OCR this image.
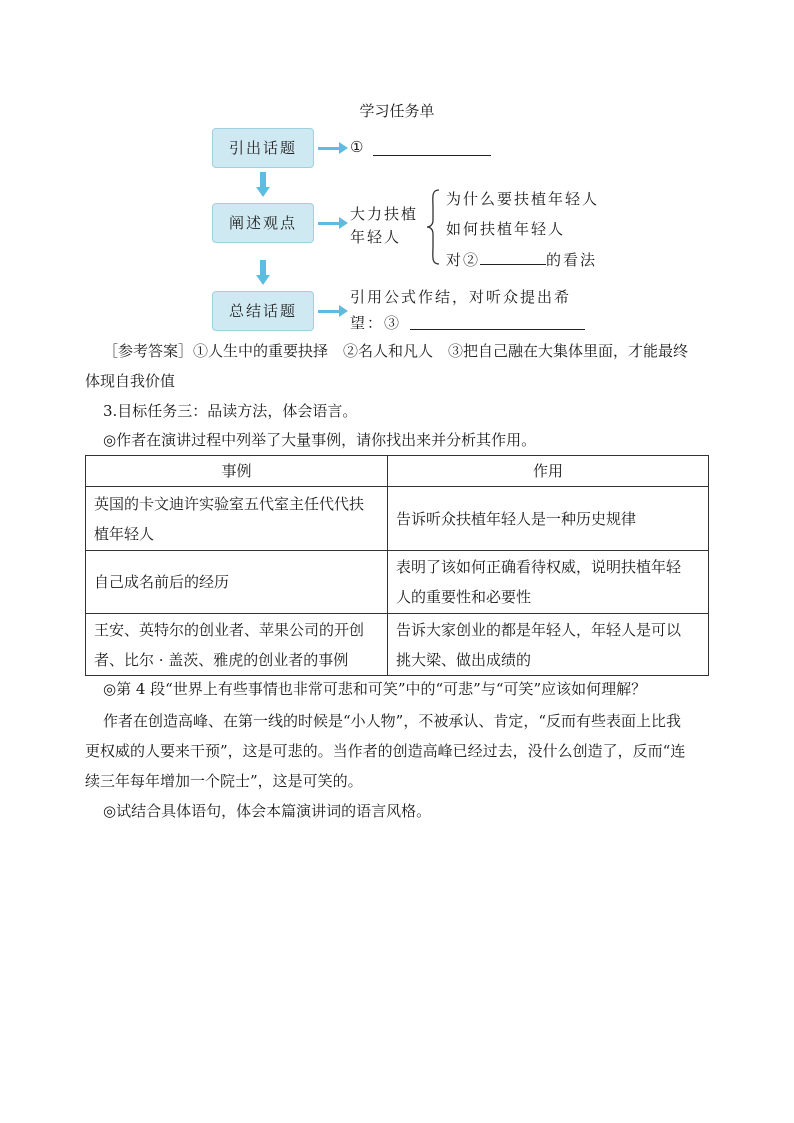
学习任务单
引出话题	①
阐述观点	大力扶植
年轻人
为什么要扶植年轻人
如何扶植年轻人
对②	的看法
总结话题
引用公式作结，对听众提出希
望：③
［参考答案］①人生中的重要抉择　②名人和凡人　③把自己融在大集体里面，才能最终
体现自我价值
3.目标任务三：品读方法，体会语言。
◎作者在演讲过程中列举了大量事例，请你找出来并分析其作用。
事例	作用
英国的卡文迪许实验室五代室主任代代扶
植年轻人	告诉听众扶植年轻人是一种历史规律
自己成名前后的经历	表明了该如何正确看待权威，说明扶植年轻
人的重要性和必要性
王安、英特尔的创业者、苹果公司的开创
者、比尔 · 盖茨、雅虎的创业者的事例	告诉大家创业的都是年轻人，年轻人是可以
挑大梁、做出成绩的
◎第 4 段“世界上有些事情也非常可悲和可笑”中的“可悲”与“可笑”应该如何理解？
作者在创造高峰、在第一线的时候是“小人物”，不被承认、肯定，“反而有些表面上比我
更权威的人要来干预”，这是可悲的。当作者的创造高峰已经过去，没什么创造了，反而“连
续三年每年增加一个院士”，这是可笑的。
◎试结合具体语句，体会本篇演讲词的语言风格。
